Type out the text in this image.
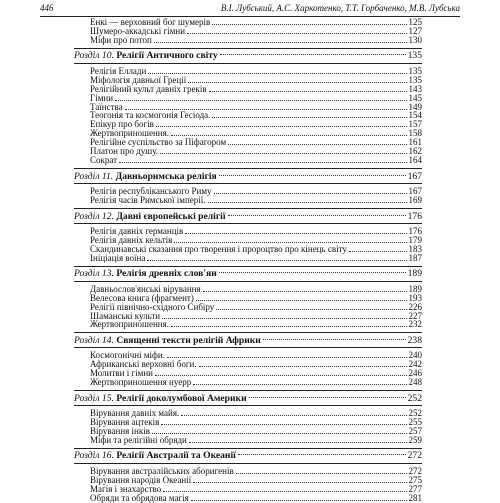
446	В.І. Лубський, А.С. Харкотенко, Т.Т. Горбаченко, М.В. Лубська
Енкі — верховний бог шумерів	125
Шумеро-аккадські гімни	127
Міфи про потоп	130
Розділ 10. Релігії Античного світу	135
Релігія Еллади	135
Міфологія давньої Греції	135
Релігійний культ давніх греків	143
Гімни	145
Таїнства	149
Теогонія та космогонія Гесіода.	154
Епікур про богів	157
Жертвоприношення.	158
Релігійне суспільство за Піфагором	161
Платон про душу.	162
Сократ	164
Розділ 11. Давньоримська релігія	167
Релігія республіканського Риму	167
Релігія часів Римської імперії.	169
Розділ 12. Давні європейські релігії	176
Релігія давніх германців	176
Релігія давніх кельтів	179
Скандинавські сказання про творення і пророцтво про кінець світу	183
Ініціація воїна	187
Розділ 13. Релігія древніх слов'ян	189
Давньослов'янські вірування	189
Велесова книга (фрагмент)	193
Релігії північно-східного Сибіру	226
Шаманські культи	227
Жертвоприношення.	232
Розділ 14. Священні тексти релігій Африки	238
Космогонічні міфи.	240
Африканські верховні боги.	242
Молитви і гімни	246
Жертвоприношення нуерр	248
Розділ 15. Релігії доколумбової Америки	252
Вірування давніх майя.	252
Вірування ацтеків	255
Вірування інків	257
Міфи та релігійні обряди	259
Розділ 16. Релігії Австралії та Океанії	272
Вірування австралійських аборигенів	272
Вірування народів Океанії	275
Магія і знахарство	277
Обряди та обрядова магія	281
